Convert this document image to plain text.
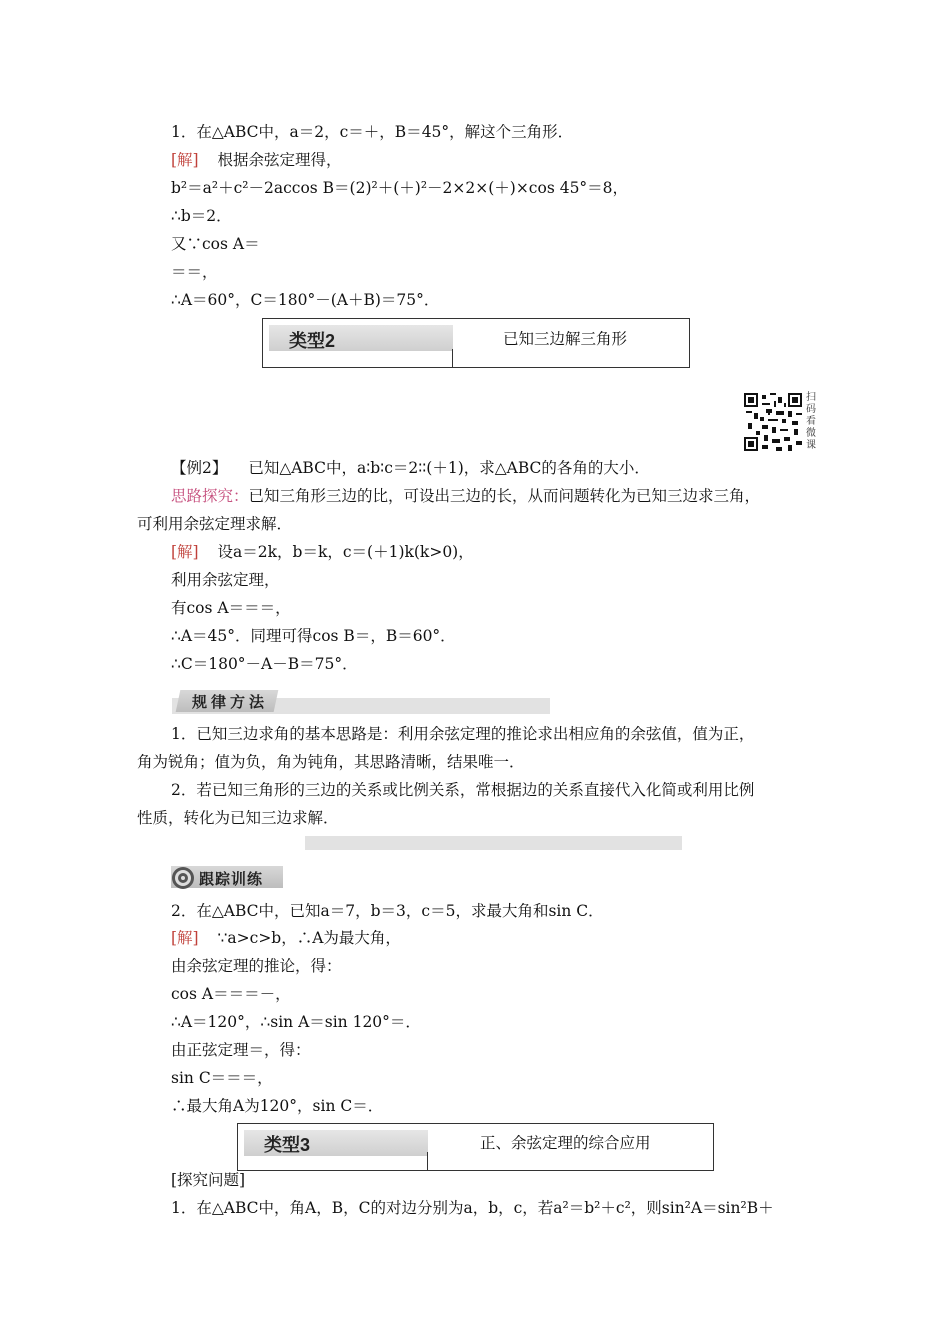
1．在△ABC中，a＝2，c＝＋，B＝45°，解这个三角形．
[解] 根据余弦定理得，
b²＝a²＋c²－2accos B＝(2)²＋(＋)²－2×2×(＋)×cos 45°＝8，
∴b＝2．
又∵cos A＝
＝＝，
∴A＝60°，C＝180°－(A＋B)＝75°．
类型2	已知三边解三角形
扫
码
看
微
课
【例2】 已知△ABC中，a∶b∶c＝2∶∶(＋1)，求△ABC的各角的大小．
思路探究：已知三角形三边的比，可设出三边的长，从而问题转化为已知三边求三角，
可利用余弦定理求解．
[解] 设a＝2k，b＝k，c＝(＋1)k(k>0)，
利用余弦定理，
有cos A＝＝＝，
∴A＝45°．同理可得cos B＝，B＝60°．
∴C＝180°－A－B＝75°．
规律方法
1．已知三边求角的基本思路是：利用余弦定理的推论求出相应角的余弦值，值为正，
角为锐角；值为负，角为钝角，其思路清晰，结果唯一．
2．若已知三角形的三边的关系或比例关系，常根据边的关系直接代入化简或利用比例
性质，转化为已知三边求解．
跟踪训练
2．在△ABC中，已知a＝7，b＝3，c＝5，求最大角和sin C．
[解] ∵a>c>b，∴A为最大角，
由余弦定理的推论，得：
cos A＝＝＝－，
∴A＝120°，∴sin A＝sin 120°＝．
由正弦定理＝，得：
sin C＝＝＝，
∴最大角A为120°，sin C＝．
类型3	正、余弦定理的综合应用
[探究问题]
1．在△ABC中，角A，B，C的对边分别为a，b，c，若a²＝b²＋c²，则sin²A＝sin²B＋
